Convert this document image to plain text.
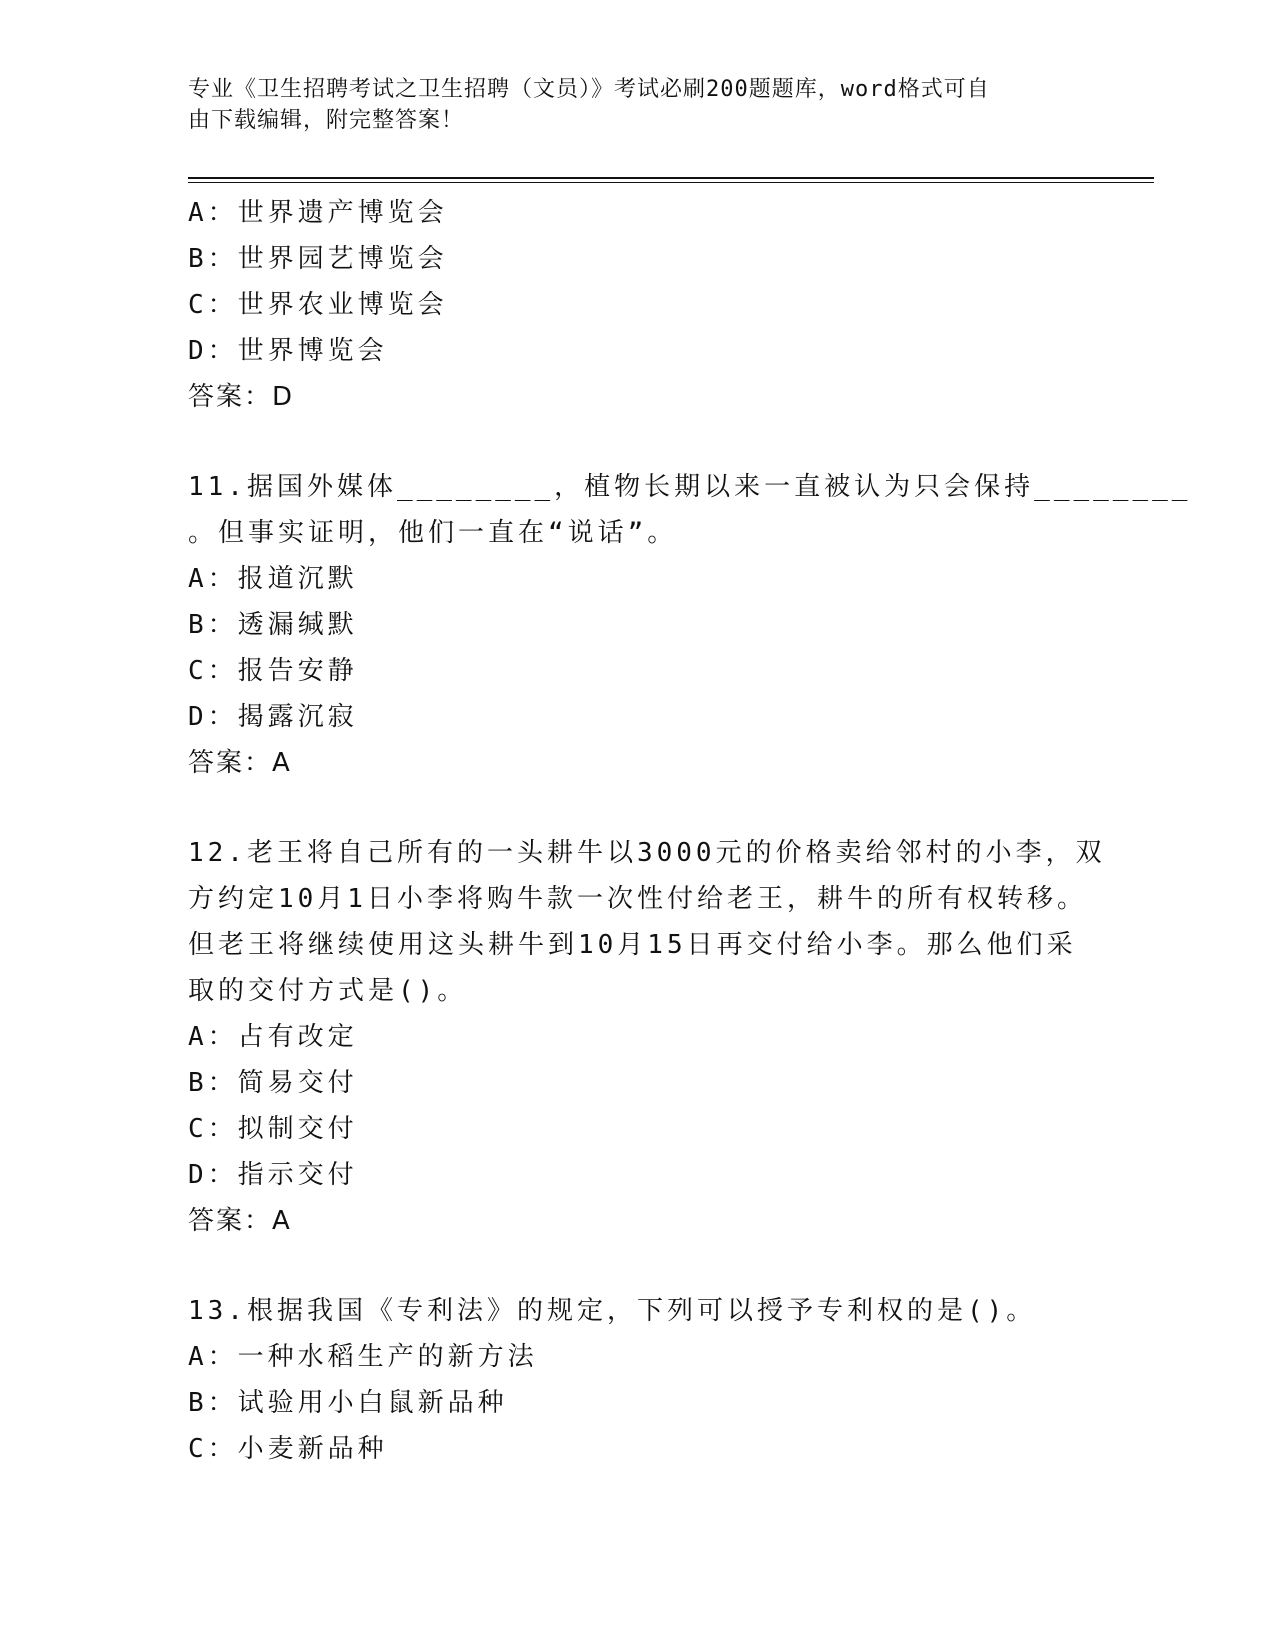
专业《卫生招聘考试之卫生招聘（文员）》考试必刷200题题库，word格式可自
由下载编辑，附完整答案！
A：世界遗产博览会
B：世界园艺博览会
C：世界农业博览会
D：世界博览会
答案：D
11.据国外媒体________，植物长期以来一直被认为只会保持________
。但事实证明，他们一直在“说话”。
A：报道沉默
B：透漏缄默
C：报告安静
D：揭露沉寂
答案：A
12.老王将自己所有的一头耕牛以3000元的价格卖给邻村的小李，双
方约定10月1日小李将购牛款一次性付给老王，耕牛的所有权转移。
但老王将继续使用这头耕牛到10月15日再交付给小李。那么他们采
取的交付方式是()。
A：占有改定
B：简易交付
C：拟制交付
D：指示交付
答案：A
13.根据我国《专利法》的规定，下列可以授予专利权的是()。
A：一种水稻生产的新方法
B：试验用小白鼠新品种
C：小麦新品种
